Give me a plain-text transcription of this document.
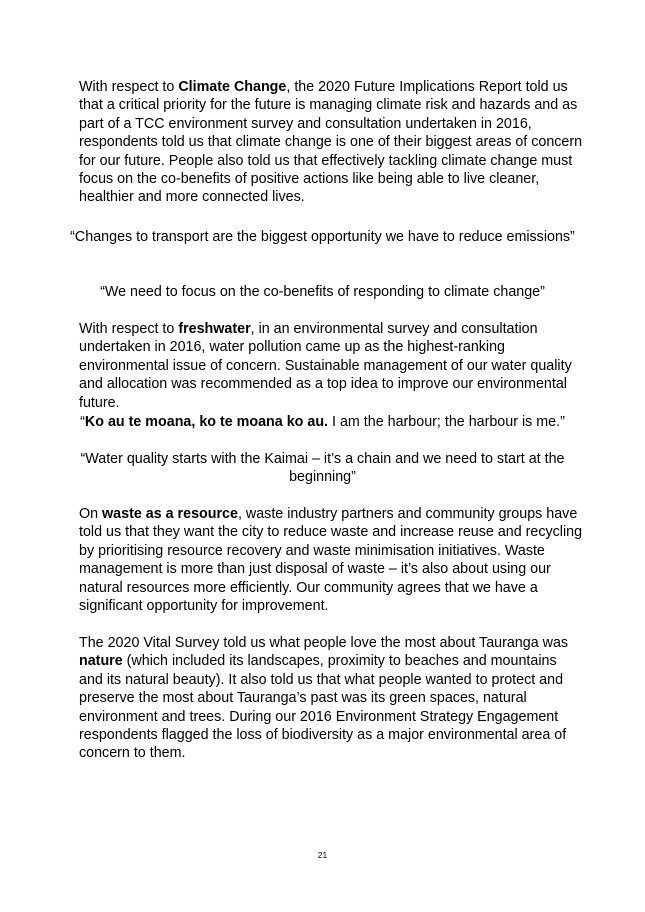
With respect to Climate Change, the 2020 Future Implications Report told us that a critical priority for the future is managing climate risk and hazards and as part of a TCC environment survey and consultation undertaken in 2016, respondents told us that climate change is one of their biggest areas of concern for our future. People also told us that effectively tackling climate change must focus on the co-benefits of positive actions like being able to live cleaner, healthier and more connected lives.

“Changes to transport are the biggest opportunity we have to reduce emissions”

“We need to focus on the co-benefits of responding to climate change”

With respect to freshwater, in an environmental survey and consultation undertaken in 2016, water pollution came up as the highest-ranking environmental issue of concern. Sustainable management of our water quality and allocation was recommended as a top idea to improve our environmental future.

“Ko au te moana, ko te moana ko au. I am the harbour; the harbour is me.”

“Water quality starts with the Kaimai – it’s a chain and we need to start at the beginning”

On waste as a resource, waste industry partners and community groups have told us that they want the city to reduce waste and increase reuse and recycling by prioritising resource recovery and waste minimisation initiatives. Waste management is more than just disposal of waste – it’s also about using our natural resources more efficiently. Our community agrees that we have a significant opportunity for improvement.

The 2020 Vital Survey told us what people love the most about Tauranga was nature (which included its landscapes, proximity to beaches and mountains and its natural beauty). It also told us that what people wanted to protect and preserve the most about Tauranga’s past was its green spaces, natural environment and trees. During our 2016 Environment Strategy Engagement respondents flagged the loss of biodiversity as a major environmental area of concern to them.

21
